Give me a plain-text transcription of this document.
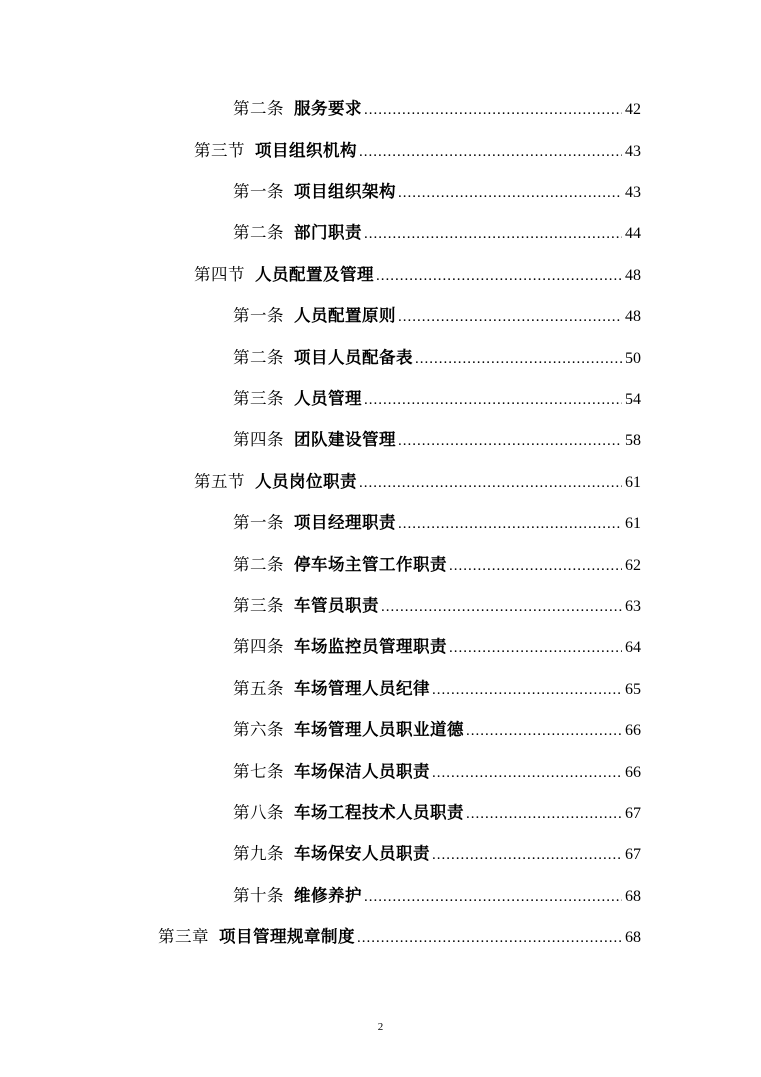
第二条 服务要求 .....	42
第三节 项目组织机构 .....	43
第一条 项目组织架构 .....	43
第二条 部门职责 .....	44
第四节 人员配置及管理 .....	48
第一条 人员配置原则 .....	48
第二条 项目人员配备表 .....	50
第三条 人员管理 .....	54
第四条 团队建设管理 .....	58
第五节 人员岗位职责 .....	61
第一条 项目经理职责 .....	61
第二条 停车场主管工作职责 .....	62
第三条 车管员职责 .....	63
第四条 车场监控员管理职责 .....	64
第五条 车场管理人员纪律 .....	65
第六条 车场管理人员职业道德 .....	66
第七条 车场保洁人员职责 .....	66
第八条 车场工程技术人员职责 .....	67
第九条 车场保安人员职责 .....	67
第十条 维修养护 .....	68
第三章 项目管理规章制度 .....	68
2
